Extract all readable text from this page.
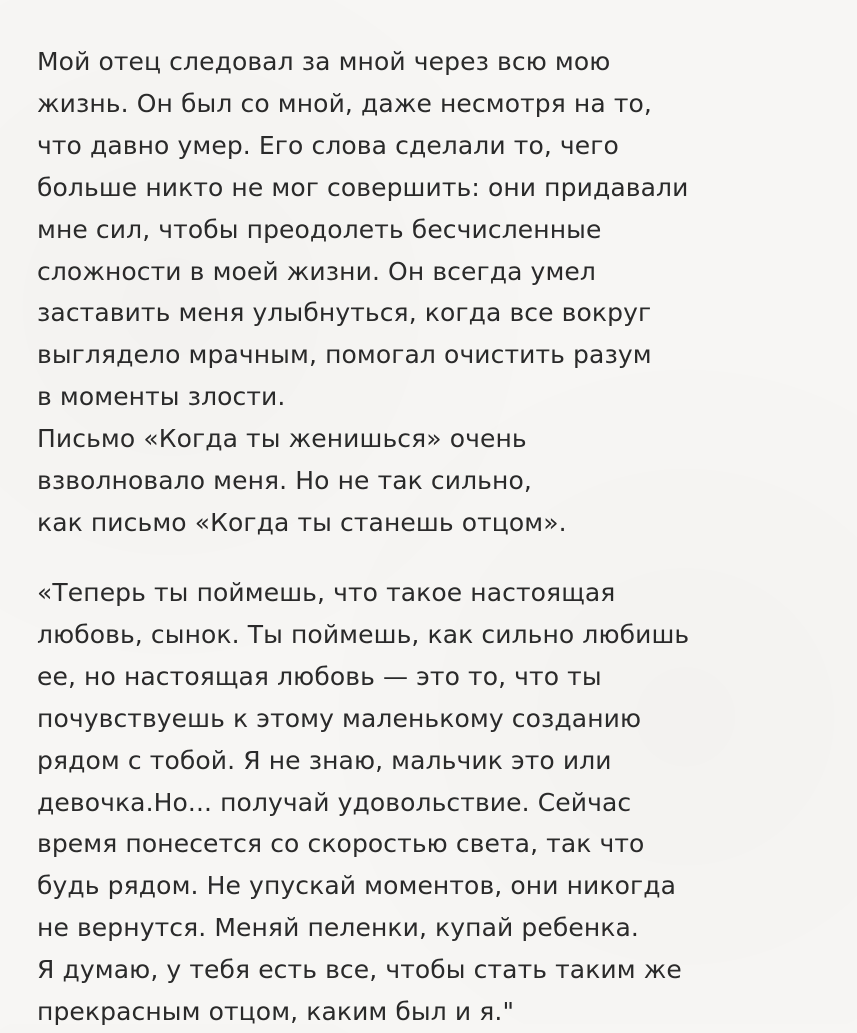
Мой отец следовал за мной через всю мою
жизнь. Он был со мной, даже несмотря на то,
что давно умер. Его слова сделали то, чего
больше никто не мог совершить: они придавали
мне сил, чтобы преодолеть бесчисленные
сложности в моей жизни. Он всегда умел
заставить меня улыбнуться, когда все вокруг
выглядело мрачным, помогал очистить разум
в моменты злости.
Письмо «Когда ты женишься» очень
взволновало меня. Но не так сильно,
как письмо «Когда ты станешь отцом».
«Теперь ты поймешь, что такое настоящая
любовь, сынок. Ты поймешь, как сильно любишь
ее, но настоящая любовь — это то, что ты
почувствуешь к этому маленькому созданию
рядом с тобой. Я не знаю, мальчик это или
девочка.Но... получай удовольствие. Сейчас
время понесется со скоростью света, так что
будь рядом. Не упускай моментов, они никогда
не вернутся. Меняй пеленки, купай ребенка.
Я думаю, у тебя есть все, чтобы стать таким же
прекрасным отцом, каким был и я."
